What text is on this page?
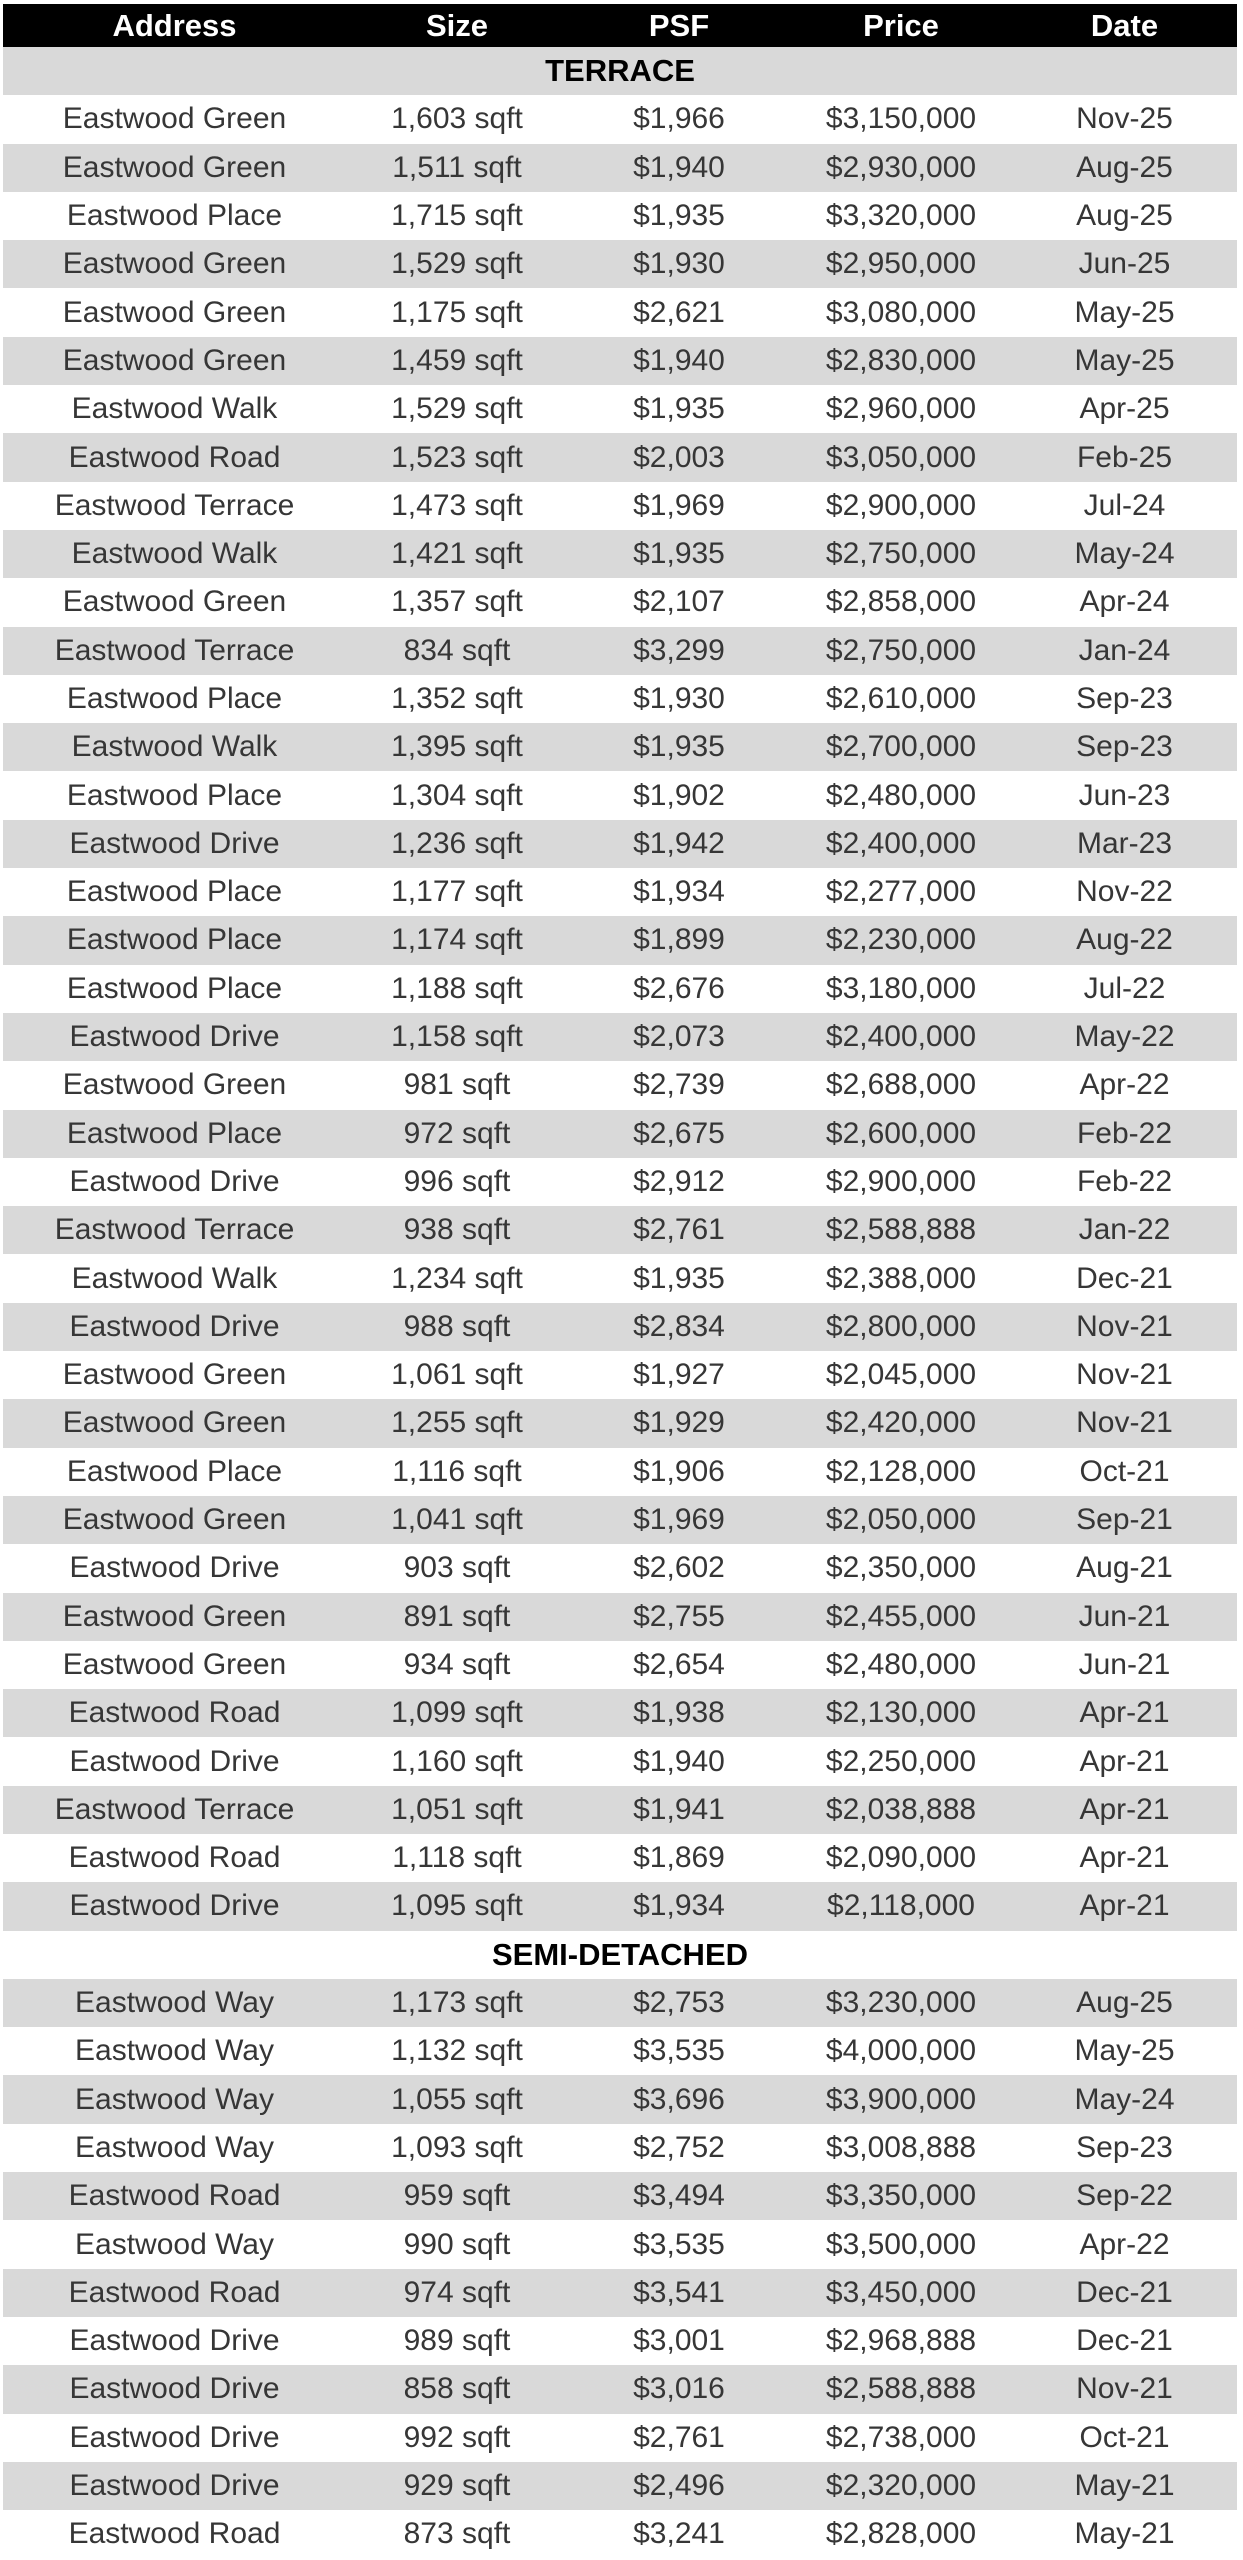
Address	Size	PSF	Price	Date
TERRACE				
Eastwood Green	1,603 sqft	$1,966	$3,150,000	Nov-25
Eastwood Green	1,511 sqft	$1,940	$2,930,000	Aug-25
Eastwood Place	1,715 sqft	$1,935	$3,320,000	Aug-25
Eastwood Green	1,529 sqft	$1,930	$2,950,000	Jun-25
Eastwood Green	1,175 sqft	$2,621	$3,080,000	May-25
Eastwood Green	1,459 sqft	$1,940	$2,830,000	May-25
Eastwood Walk	1,529 sqft	$1,935	$2,960,000	Apr-25
Eastwood Road	1,523 sqft	$2,003	$3,050,000	Feb-25
Eastwood Terrace	1,473 sqft	$1,969	$2,900,000	Jul-24
Eastwood Walk	1,421 sqft	$1,935	$2,750,000	May-24
Eastwood Green	1,357 sqft	$2,107	$2,858,000	Apr-24
Eastwood Terrace	834 sqft	$3,299	$2,750,000	Jan-24
Eastwood Place	1,352 sqft	$1,930	$2,610,000	Sep-23
Eastwood Walk	1,395 sqft	$1,935	$2,700,000	Sep-23
Eastwood Place	1,304 sqft	$1,902	$2,480,000	Jun-23
Eastwood Drive	1,236 sqft	$1,942	$2,400,000	Mar-23
Eastwood Place	1,177 sqft	$1,934	$2,277,000	Nov-22
Eastwood Place	1,174 sqft	$1,899	$2,230,000	Aug-22
Eastwood Place	1,188 sqft	$2,676	$3,180,000	Jul-22
Eastwood Drive	1,158 sqft	$2,073	$2,400,000	May-22
Eastwood Green	981 sqft	$2,739	$2,688,000	Apr-22
Eastwood Place	972 sqft	$2,675	$2,600,000	Feb-22
Eastwood Drive	996 sqft	$2,912	$2,900,000	Feb-22
Eastwood Terrace	938 sqft	$2,761	$2,588,888	Jan-22
Eastwood Walk	1,234 sqft	$1,935	$2,388,000	Dec-21
Eastwood Drive	988 sqft	$2,834	$2,800,000	Nov-21
Eastwood Green	1,061 sqft	$1,927	$2,045,000	Nov-21
Eastwood Green	1,255 sqft	$1,929	$2,420,000	Nov-21
Eastwood Place	1,116 sqft	$1,906	$2,128,000	Oct-21
Eastwood Green	1,041 sqft	$1,969	$2,050,000	Sep-21
Eastwood Drive	903 sqft	$2,602	$2,350,000	Aug-21
Eastwood Green	891 sqft	$2,755	$2,455,000	Jun-21
Eastwood Green	934 sqft	$2,654	$2,480,000	Jun-21
Eastwood Road	1,099 sqft	$1,938	$2,130,000	Apr-21
Eastwood Drive	1,160 sqft	$1,940	$2,250,000	Apr-21
Eastwood Terrace	1,051 sqft	$1,941	$2,038,888	Apr-21
Eastwood Road	1,118 sqft	$1,869	$2,090,000	Apr-21
Eastwood Drive	1,095 sqft	$1,934	$2,118,000	Apr-21
SEMI-DETACHED				
Eastwood Way	1,173 sqft	$2,753	$3,230,000	Aug-25
Eastwood Way	1,132 sqft	$3,535	$4,000,000	May-25
Eastwood Way	1,055 sqft	$3,696	$3,900,000	May-24
Eastwood Way	1,093 sqft	$2,752	$3,008,888	Sep-23
Eastwood Road	959 sqft	$3,494	$3,350,000	Sep-22
Eastwood Way	990 sqft	$3,535	$3,500,000	Apr-22
Eastwood Road	974 sqft	$3,541	$3,450,000	Dec-21
Eastwood Drive	989 sqft	$3,001	$2,968,888	Dec-21
Eastwood Drive	858 sqft	$3,016	$2,588,888	Nov-21
Eastwood Drive	992 sqft	$2,761	$2,738,000	Oct-21
Eastwood Drive	929 sqft	$2,496	$2,320,000	May-21
Eastwood Road	873 sqft	$3,241	$2,828,000	May-21
